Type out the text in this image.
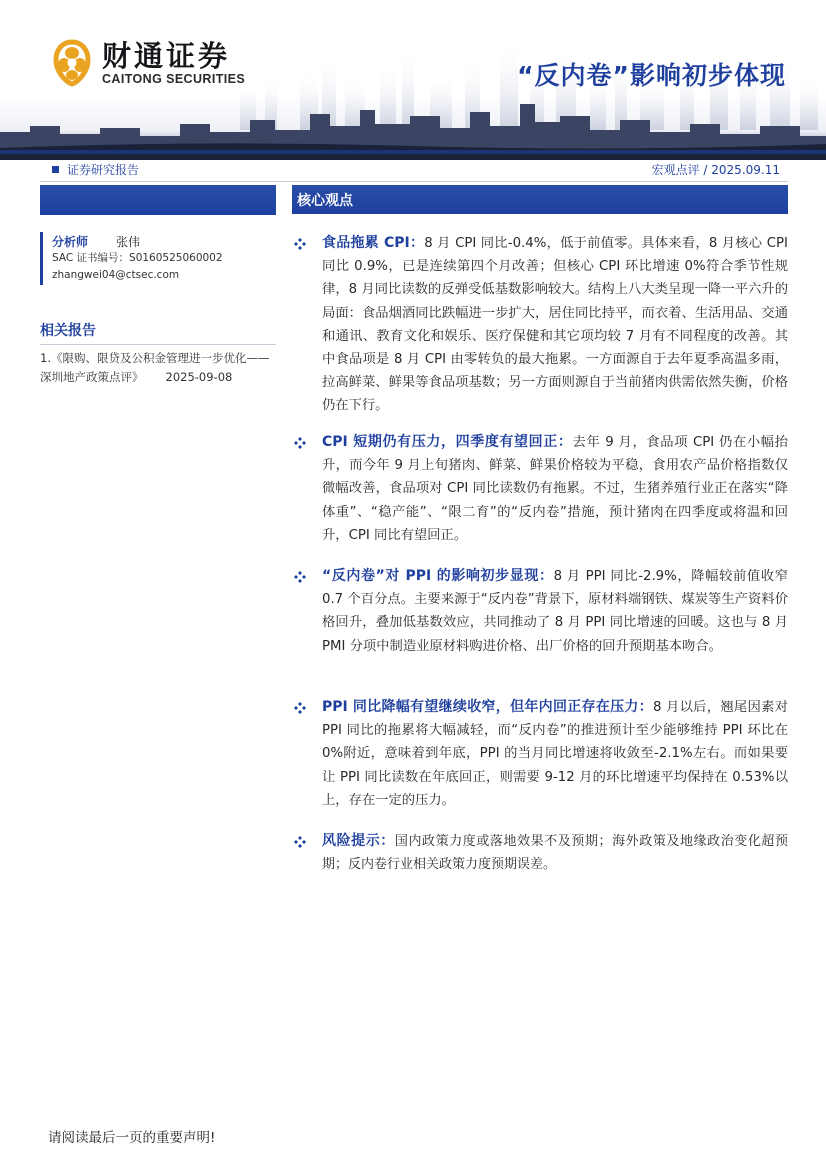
财通证券
CAITONG SECURITIES	“反内卷”影响初步体现
证券研究报告	宏观点评 / 2025.09.11
分析师	张伟
SAC 证书编号：S0160525060002
zhangwei04@ctsec.com
相关报告
1.《限购、限贷及公积金管理进一步优化——深圳地产政策点评》 2025-09-08
核心观点
食品拖累 CPI：8 月 CPI 同比-0.4%，低于前值零。具体来看，8 月核心 CPI 同比 0.9%，已是连续第四个月改善；但核心 CPI 环比增速 0%符合季节性规律，8 月同比读数的反弹受低基数影响较大。结构上八大类呈现一降一平六升的局面：食品烟酒同比跌幅进一步扩大，居住同比持平，而衣着、生活用品、交通和通讯、教育文化和娱乐、医疗保健和其它项均较 7 月有不同程度的改善。其中食品项是 8 月 CPI 由零转负的最大拖累。一方面源自于去年夏季高温多雨，拉高鲜菜、鲜果等食品项基数；另一方面则源自于当前猪肉供需依然失衡，价格仍在下行。
CPI 短期仍有压力，四季度有望回正：去年 9 月，食品项 CPI 仍在小幅抬升，而今年 9 月上旬猪肉、鲜菜、鲜果价格较为平稳，食用农产品价格指数仅微幅改善，食品项对 CPI 同比读数仍有拖累。不过，生猪养殖行业正在落实“降体重”、“稳产能”、“限二育”的“反内卷”措施，预计猪肉在四季度或将温和回升，CPI 同比有望回正。
“反内卷”对 PPI 的影响初步显现：8 月 PPI 同比-2.9%，降幅较前值收窄 0.7 个百分点。主要来源于“反内卷”背景下，原材料端钢铁、煤炭等生产资料价格回升，叠加低基数效应，共同推动了 8 月 PPI 同比增速的回暖。这也与 8 月 PMI 分项中制造业原材料购进价格、出厂价格的回升预期基本吻合。
PPI 同比降幅有望继续收窄，但年内回正存在压力：8 月以后，翘尾因素对 PPI 同比的拖累将大幅减轻，而“反内卷”的推进预计至少能够维持 PPI 环比在 0%附近，意味着到年底，PPI 的当月同比增速将收敛至-2.1%左右。而如果要让 PPI 同比读数在年底回正，则需要 9-12 月的环比增速平均保持在 0.53%以上，存在一定的压力。
风险提示：国内政策力度或落地效果不及预期；海外政策及地缘政治变化超预期；反内卷行业相关政策力度预期误差。
请阅读最后一页的重要声明!
